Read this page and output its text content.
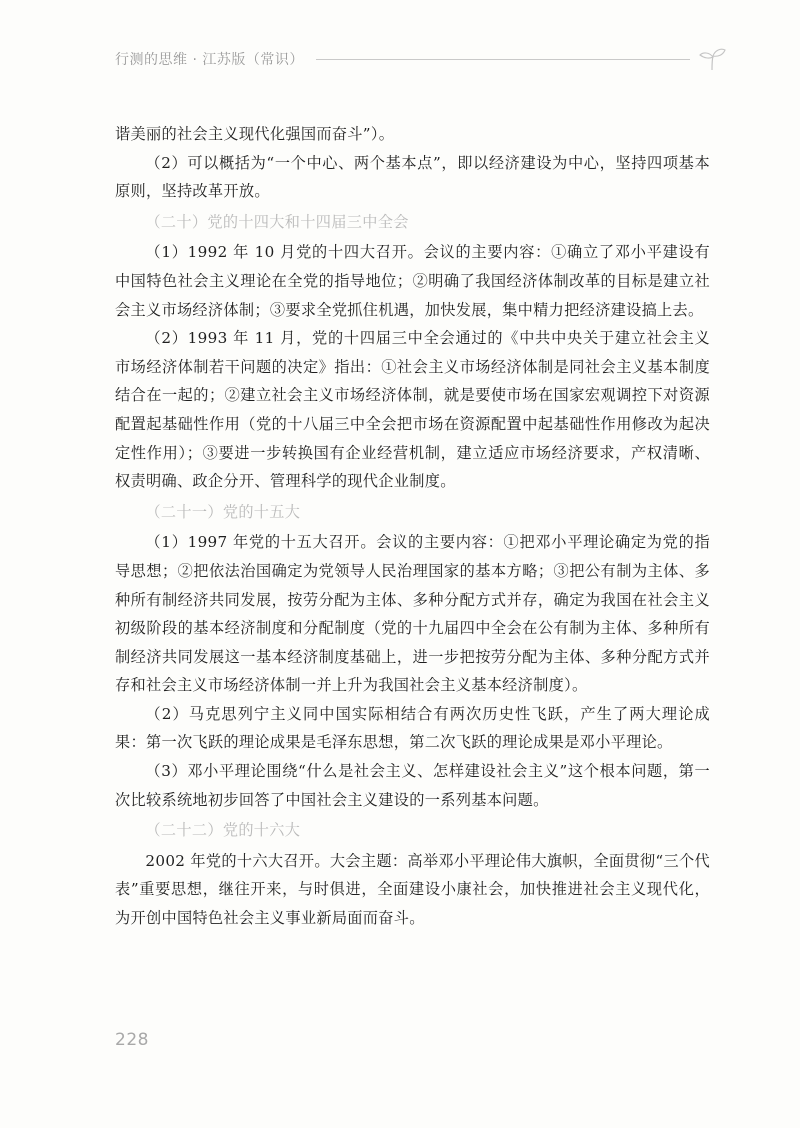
行测的思维 · 江苏版（常识）

谐美丽的社会主义现代化强国而奋斗”）。

（2）可以概括为“一个中心、两个基本点”，即以经济建设为中心，坚持四项基本原则，坚持改革开放。

（二十）党的十四大和十四届三中全会

（1）1992 年 10 月党的十四大召开。会议的主要内容：①确立了邓小平建设有中国特色社会主义理论在全党的指导地位；②明确了我国经济体制改革的目标是建立社会主义市场经济体制；③要求全党抓住机遇，加快发展，集中精力把经济建设搞上去。

（2）1993 年 11 月，党的十四届三中全会通过的《中共中央关于建立社会主义市场经济体制若干问题的决定》指出：①社会主义市场经济体制是同社会主义基本制度结合在一起的；②建立社会主义市场经济体制，就是要使市场在国家宏观调控下对资源配置起基础性作用（党的十八届三中全会把市场在资源配置中起基础性作用修改为起决定性作用）；③要进一步转换国有企业经营机制，建立适应市场经济要求，产权清晰、权责明确、政企分开、管理科学的现代企业制度。

（二十一）党的十五大

（1）1997 年党的十五大召开。会议的主要内容：①把邓小平理论确定为党的指导思想；②把依法治国确定为党领导人民治理国家的基本方略；③把公有制为主体、多种所有制经济共同发展，按劳分配为主体、多种分配方式并存，确定为我国在社会主义初级阶段的基本经济制度和分配制度（党的十九届四中全会在公有制为主体、多种所有制经济共同发展这一基本经济制度基础上，进一步把按劳分配为主体、多种分配方式并存和社会主义市场经济体制一并上升为我国社会主义基本经济制度）。

（2）马克思列宁主义同中国实际相结合有两次历史性飞跃，产生了两大理论成果：第一次飞跃的理论成果是毛泽东思想，第二次飞跃的理论成果是邓小平理论。

（3）邓小平理论围绕“什么是社会主义、怎样建设社会主义”这个根本问题，第一次比较系统地初步回答了中国社会主义建设的一系列基本问题。

（二十二）党的十六大

2002 年党的十六大召开。大会主题：高举邓小平理论伟大旗帜，全面贯彻“三个代表”重要思想，继往开来，与时俱进，全面建设小康社会，加快推进社会主义现代化，为开创中国特色社会主义事业新局面而奋斗。

228
